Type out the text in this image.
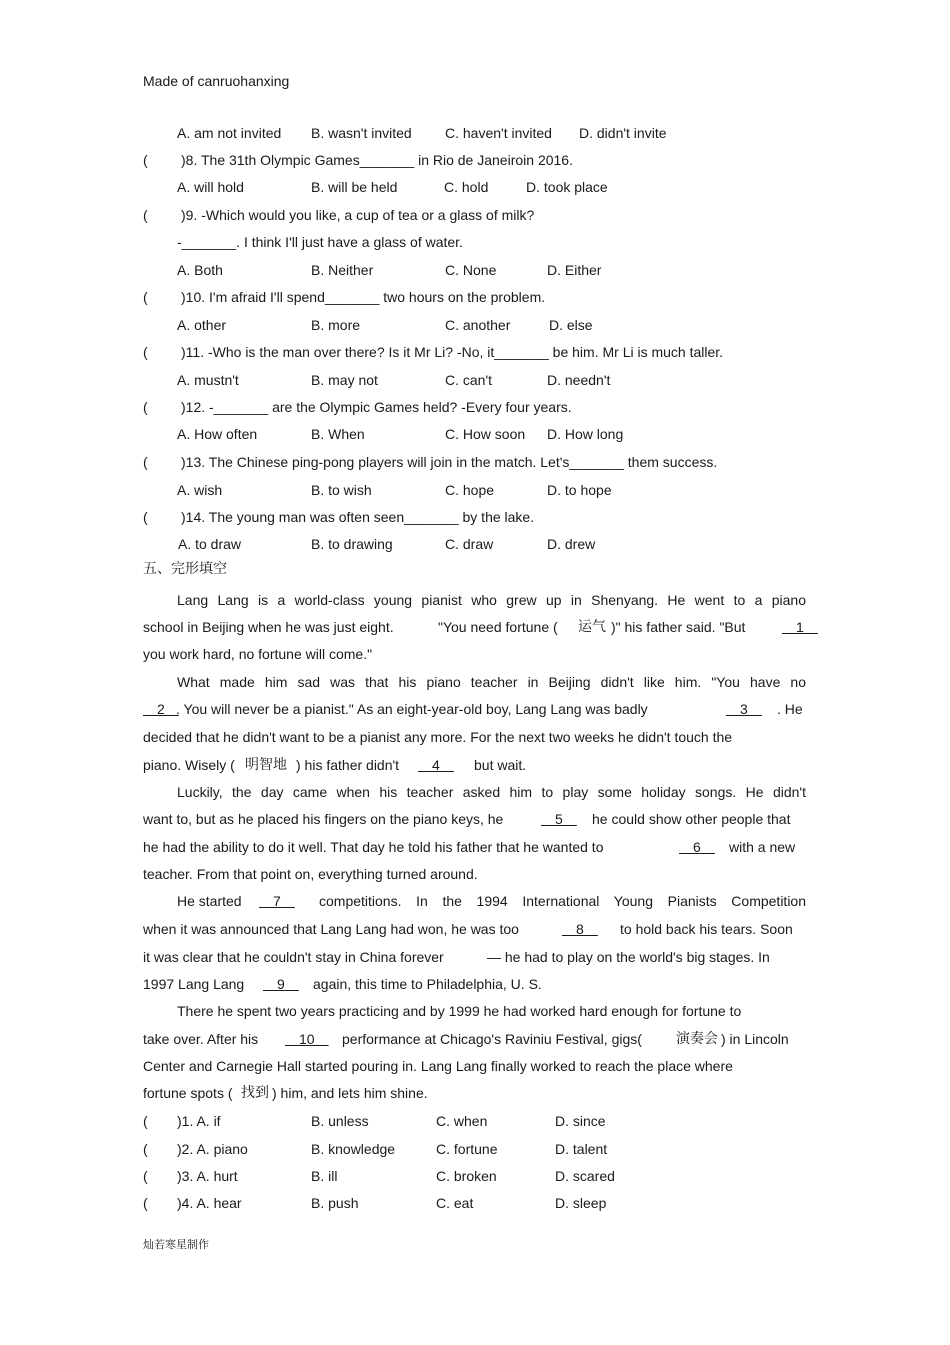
Made of canruohanxing
A. am not invited B. wasn't invited C. haven't invited D. didn't invite
( )8. The 31th Olympic Games_______ in Rio de Janeiroin 2016.
A. will hold	B. will be held	C. hold	D. took place
( )9. -Which would you like, a cup of tea or a glass of milk?
-_______. I think I'll just have a glass of water.
A. Both	B. Neither	C. None	D. Either
( )10. I'm afraid I'll spend_______ two hours on the problem.
A. other	B. more	C. another	D. else
( )11. -Who is the man over there? Is it Mr Li? -No, it_______ be him. Mr Li is much taller.
A. mustn't	B. may not	C. can't	D. needn't
( )12. -_______ are the Olympic Games held? -Every four years.
A. How often	B. When	C. How soon D. How long
( )13. The Chinese ping-pong players will join in the match. Let's_______ them success.
A. wish	B. to wish	C. hope	D. to hope
( )14. The young man was often seen_______ by the lake.
A. to draw	B. to drawing	C. draw	D. drew
五、完形填空
Lang Lang is a world-class young pianist who grew up in Shenyang. He went to a piano
school in Beijing when he was just eight.	"You need fortune ( 运气 )" his father said. "But	  1  
you work hard, no fortune will come."
What made him sad was that his piano teacher in Beijing didn't like him. "You have no
  2  
. You will never be a pianist." As an eight-year-old boy, Lang Lang was badly	  3   . He
decided that he didn't want to be a pianist any more. For the next two weeks he didn't touch the
piano. Wisely ( 明智地 ) his father didn't   4   but wait.
Luckily, the day came when his teacher asked him to play some holiday songs. He didn't
want to, but as he placed his fingers on the piano keys, he	  5   he could show other people that
he had the ability to do it well. That day he told his father that he wanted to	  6   with a new
teacher. From that point on, everything turned around.
He started   7   competitions. In the 1994 International Young Pianists Competition
when it was announced that Lang Lang had won, he was too	  8   to hold back his tears. Soon
it was clear that he couldn't stay in China forever	— he had to play on the world's big stages. In
1997 Lang Lang   9   again, this time to Philadelphia, U. S.
There he spent two years practicing and by 1999 he had worked hard enough for fortune to
take over. After his   10   performance at Chicago's Raviniu Festival, gigs( 演奏会 ) in Lincoln
Center and Carnegie Hall started pouring in. Lang Lang finally worked to reach the place where
fortune spots ( 找到 ) him, and lets him shine.
( )1. A. if	B. unless	C. when	D. since
( )2. A. piano	B. knowledge	C. fortune	D. talent
( )3. A. hurt	B. ill	C. broken	D. scared
( )4. A. hear	B. push	C. eat	D. sleep
灿若寒星制作
